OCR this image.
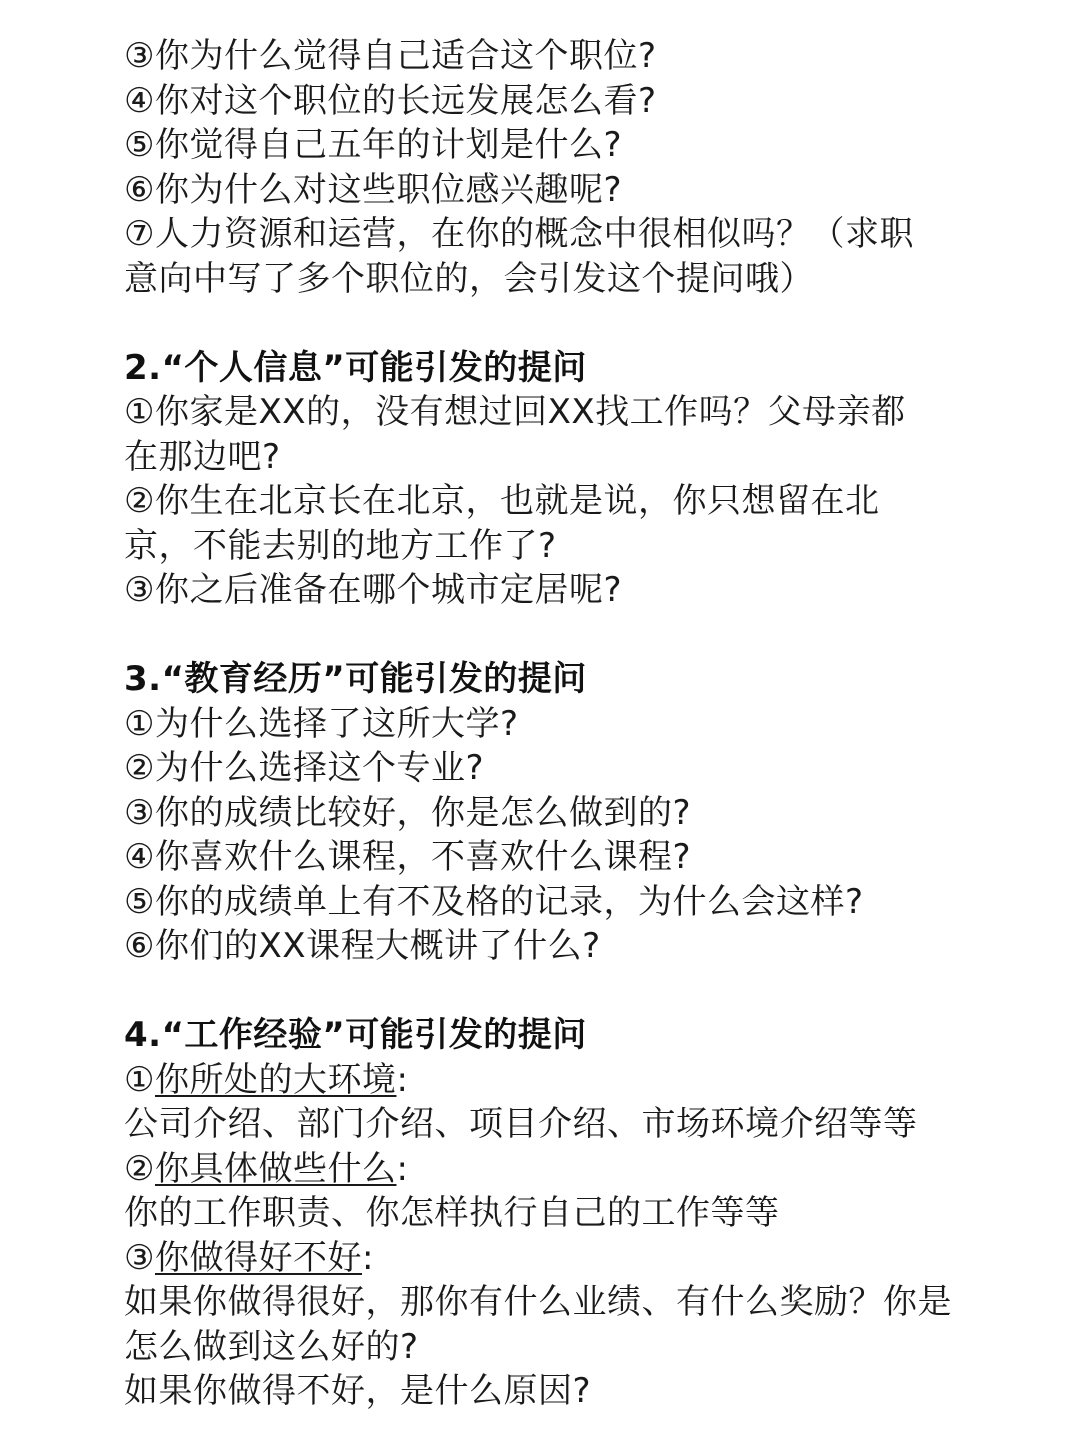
③你为什么觉得自己适合这个职位?
④你对这个职位的长远发展怎么看?
⑤你觉得自己五年的计划是什么?
⑥你为什么对这些职位感兴趣呢?
⑦人力资源和运营，在你的概念中很相似吗？（求职
意向中写了多个职位的，会引发这个提问哦）
2.“个人信息”可能引发的提问
①你家是XX的，没有想过回XX找工作吗？父母亲都
在那边吧?
②你生在北京长在北京，也就是说，你只想留在北
京，不能去别的地方工作了?
③你之后准备在哪个城市定居呢?
3.“教育经历”可能引发的提问
①为什么选择了这所大学?
②为什么选择这个专业?
③你的成绩比较好，你是怎么做到的?
④你喜欢什么课程，不喜欢什么课程?
⑤你的成绩单上有不及格的记录，为什么会这样?
⑥你们的XX课程大概讲了什么?
4.“工作经验”可能引发的提问
①你所处的大环境:
公司介绍、部门介绍、项目介绍、市场环境介绍等等
②你具体做些什么:
你的工作职责、你怎样执行自己的工作等等
③你做得好不好:
如果你做得很好，那你有什么业绩、有什么奖励？你是
怎么做到这么好的?
如果你做得不好，是什么原因?
